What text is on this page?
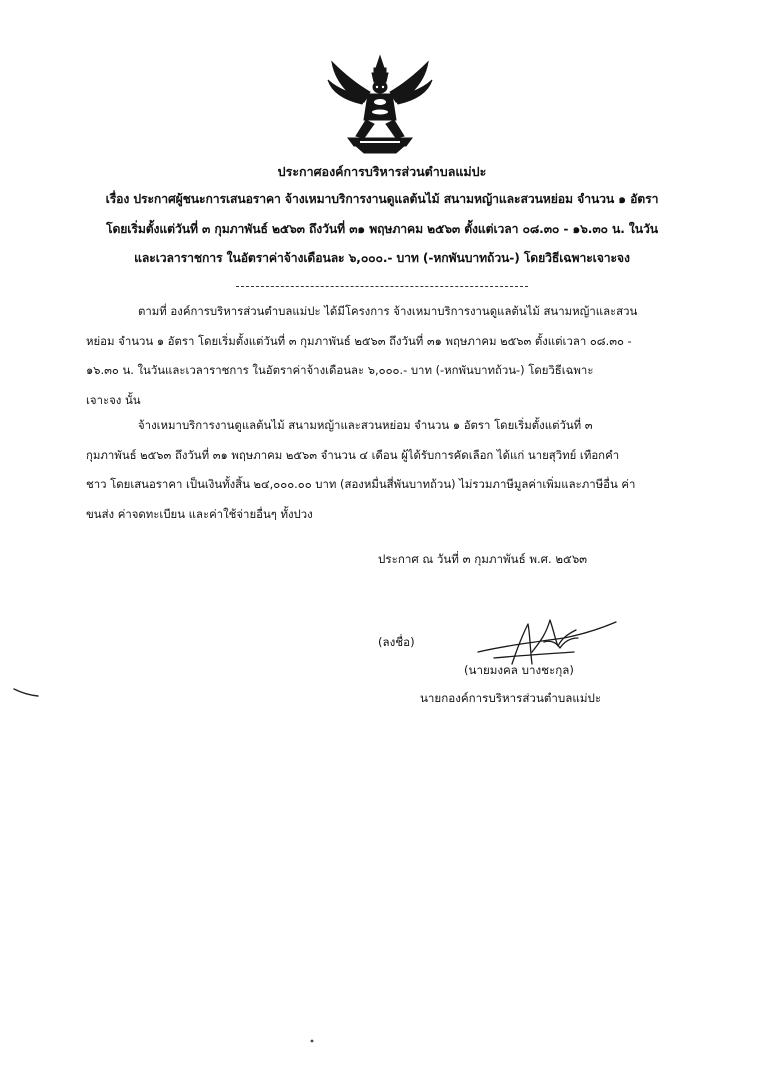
ประกาศองค์การบริหารส่วนตำบลแม่ปะ
เรื่อง ประกาศผู้ชนะการเสนอราคา จ้างเหมาบริการงานดูแลต้นไม้ สนามหญ้าและสวนหย่อม จำนวน ๑ อัตรา
โดยเริ่มตั้งแต่วันที่ ๓ กุมภาพันธ์ ๒๕๖๓ ถึงวันที่ ๓๑ พฤษภาคม ๒๕๖๓ ตั้งแต่เวลา ๐๘.๓๐ - ๑๖.๓๐ น. ในวัน
และเวลาราชการ ในอัตราค่าจ้างเดือนละ ๖,๐๐๐.- บาท (-หกพันบาทถ้วน-) โดยวิธีเฉพาะเจาะจง
ตามที่ องค์การบริหารส่วนตำบลแม่ปะ ได้มีโครงการ จ้างเหมาบริการงานดูแลต้นไม้ สนามหญ้าและสวน
หย่อม จำนวน ๑ อัตรา โดยเริ่มตั้งแต่วันที่ ๓ กุมภาพันธ์ ๒๕๖๓ ถึงวันที่ ๓๑ พฤษภาคม ๒๕๖๓ ตั้งแต่เวลา ๐๘.๓๐ -
๑๖.๓๐ น. ในวันและเวลาราชการ ในอัตราค่าจ้างเดือนละ ๖,๐๐๐.- บาท (-หกพันบาทถ้วน-) โดยวิธีเฉพาะ
เจาะจง นั้น
จ้างเหมาบริการงานดูแลต้นไม้ สนามหญ้าและสวนหย่อม จำนวน ๑ อัตรา โดยเริ่มตั้งแต่วันที่ ๓
กุมภาพันธ์ ๒๕๖๓ ถึงวันที่ ๓๑ พฤษภาคม ๒๕๖๓ จำนวน ๔ เดือน ผู้ได้รับการคัดเลือก ได้แก่ นายสุวิทย์ เทือกคำ
ชาว โดยเสนอราคา เป็นเงินทั้งสิ้น ๒๔,๐๐๐.๐๐ บาท (สองหมื่นสี่พันบาทถ้วน) ไม่รวมภาษีมูลค่าเพิ่มและภาษีอื่น ค่า
ขนส่ง ค่าจดทะเบียน และค่าใช้จ่ายอื่นๆ ทั้งปวง
ประกาศ ณ วันที่ ๓ กุมภาพันธ์ พ.ศ. ๒๕๖๓
(ลงชื่อ)
(นายมงคล บางชะกุล)
นายกองค์การบริหารส่วนตำบลแม่ปะ
